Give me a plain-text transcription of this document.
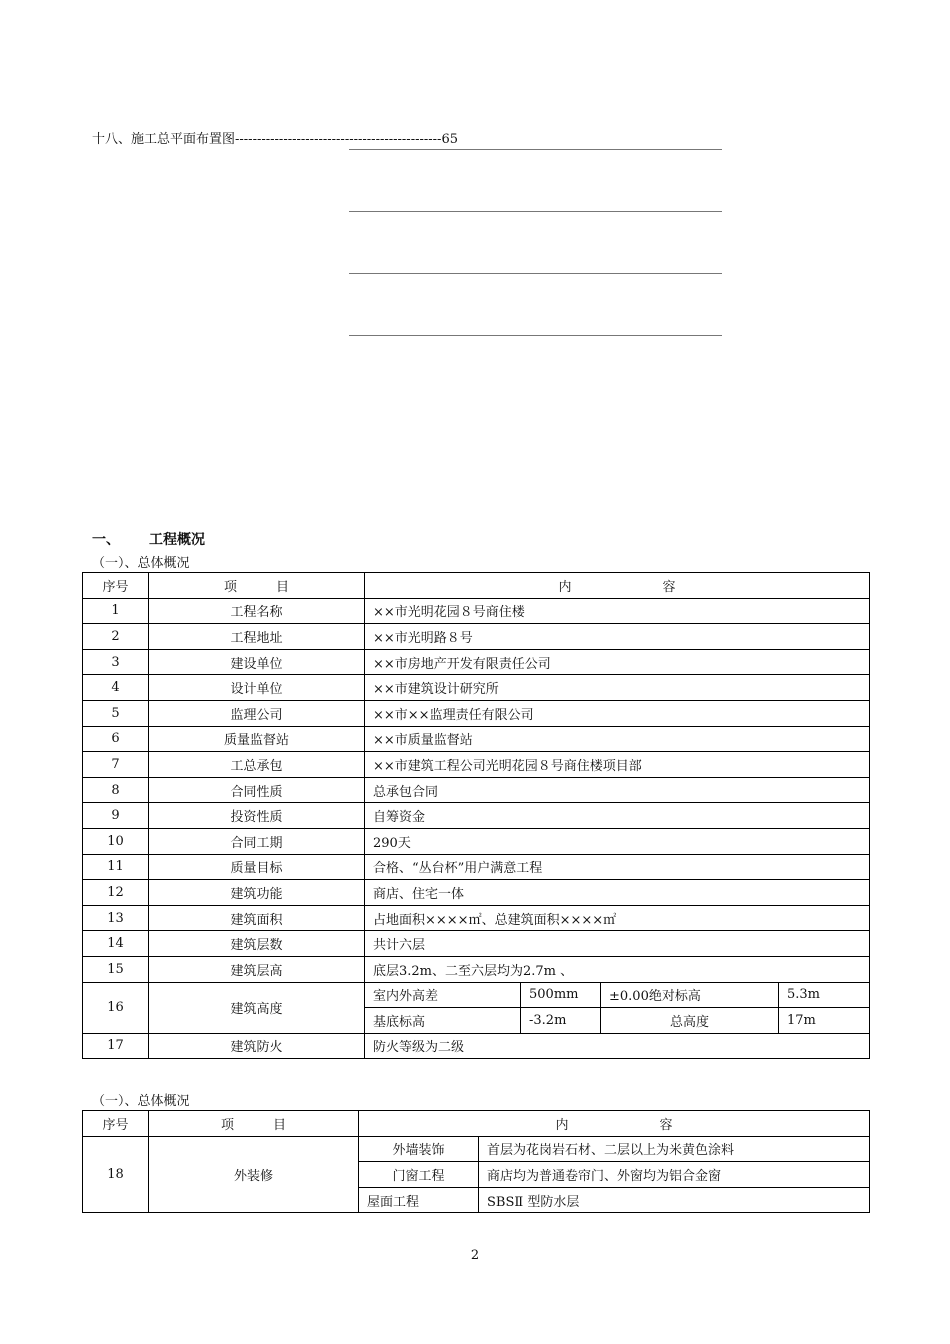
十八、施工总平面布置图-----------------------------------------------65
一、 工程概况
（一）、总体概况
序号	项　　　目	内　　　　　　　容			
1	工程名称	××市光明花园８号商住楼			
2	工程地址	××市光明路８号			
3	建设单位	××市房地产开发有限责任公司			
4	设计单位	××市建筑设计研究所			
5	监理公司	××市××监理责任有限公司			
6	质量监督站	××市质量监督站			
7	工总承包	××市建筑工程公司光明花园８号商住楼项目部			
8	合同性质	总承包合同			
9	投资性质	自筹资金			
10	合同工期	290天			
11	质量目标	合格、“丛台杯”用户满意工程			
12	建筑功能	商店、住宅一体			
13	建筑面积	占地面积××××㎡、总建筑面积××××㎡			
14	建筑层数	共计六层			
15	建筑层高	底层3.2m、二至六层均为2.7m 、			
16	建筑高度	室内外高差	500mm	±0.00绝对标高	5.3m
		基底标高	-3.2m	总高度	17m
17	建筑防火	防火等级为二级			
（一）、总体概况
序号	项　　　目	内　　　　　　　容	
18	外装修	外墙装饰	首层为花岗岩石材、二层以上为米黄色涂料
		门窗工程	商店均为普通卷帘门、外窗均为铝合金窗
		屋面工程	SBSⅡ 型防水层
2
